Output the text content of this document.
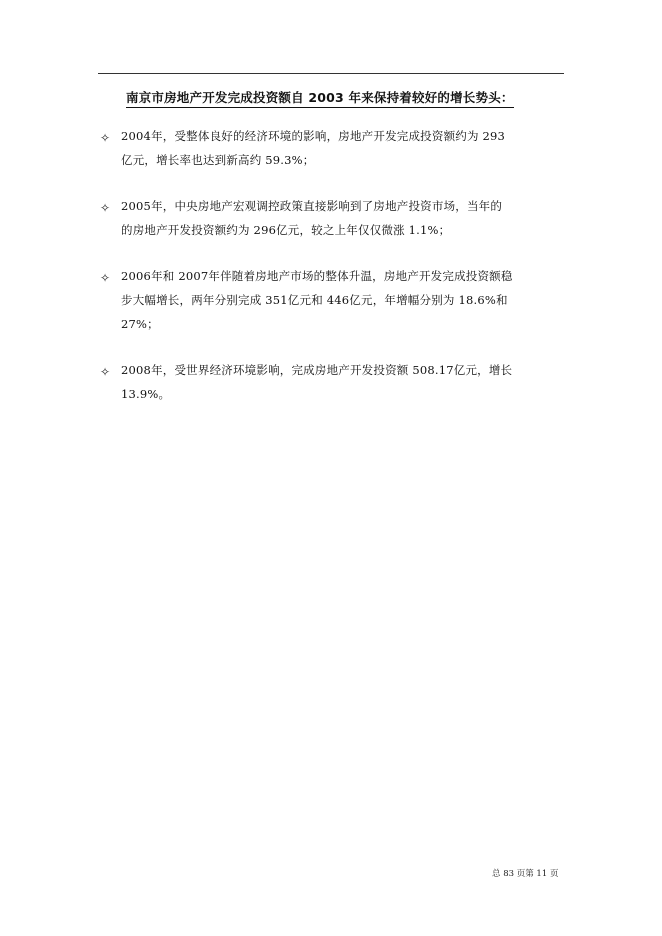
南京市房地产开发完成投资额自 2003 年来保持着较好的增长势头：
✧ 2004年，受整体良好的经济环境的影响，房地产开发完成投资额约为 293
亿元，增长率也达到新高约 59.3%；
✧ 2005年，中央房地产宏观调控政策直接影响到了房地产投资市场，当年的
的房地产开发投资额约为 296亿元，较之上年仅仅微涨 1.1%；
✧ 2006年和 2007年伴随着房地产市场的整体升温，房地产开发完成投资额稳
步大幅增长，两年分别完成 351亿元和 446亿元，年增幅分别为 18.6%和
27%；
✧ 2008年，受世界经济环境影响，完成房地产开发投资额 508.17亿元，增长
13.9%。
总 83 页第 11 页
